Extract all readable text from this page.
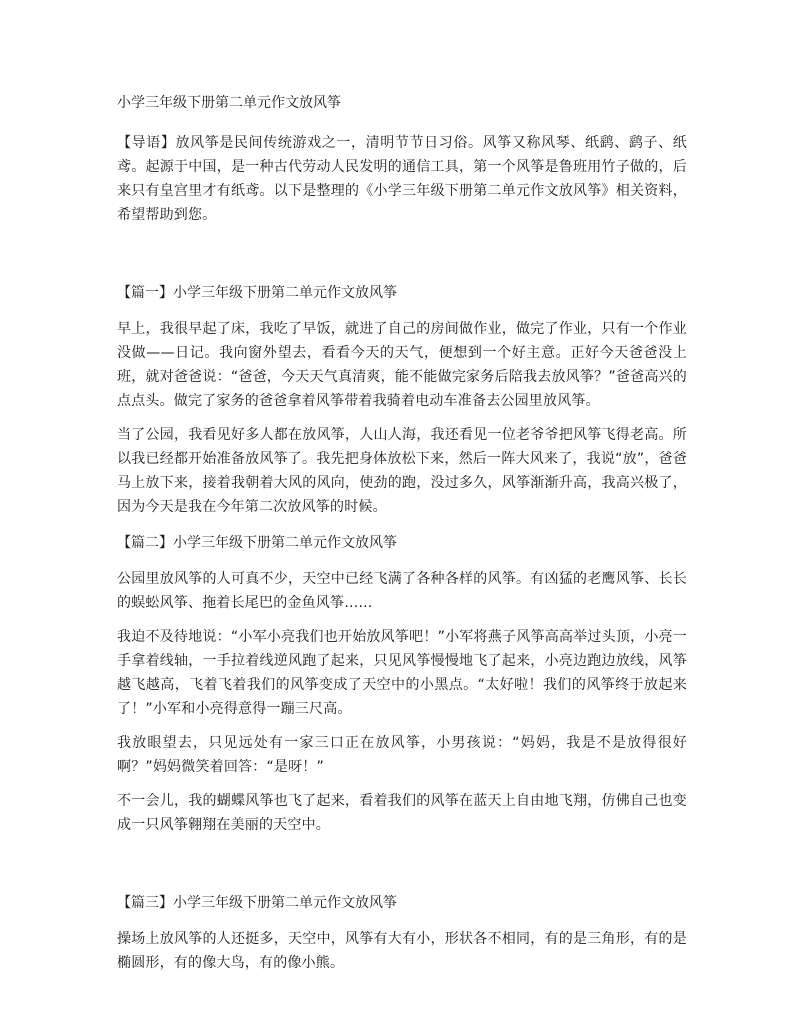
小学三年级下册第二单元作文放风筝

【导语】放风筝是民间传统游戏之一，清明节节日习俗。风筝又称风琴、纸鹞、鹞子、纸鸢。起源于中国，是一种古代劳动人民发明的通信工具，第一个风筝是鲁班用竹子做的，后来只有皇宫里才有纸鸢。以下是整理的《小学三年级下册第二单元作文放风筝》相关资料，希望帮助到您。

【篇一】小学三年级下册第二单元作文放风筝

早上，我很早起了床，我吃了早饭，就进了自己的房间做作业，做完了作业，只有一个作业没做——日记。我向窗外望去，看看今天的天气，便想到一个好主意。正好今天爸爸没上班，就对爸爸说：“爸爸，今天天气真清爽，能不能做完家务后陪我去放风筝？”爸爸高兴的点点头。做完了家务的爸爸拿着风筝带着我骑着电动车准备去公园里放风筝。

当了公园，我看见好多人都在放风筝，人山人海，我还看见一位老爷爷把风筝飞得老高。所以我已经都开始准备放风筝了。我先把身体放松下来，然后一阵大风来了，我说“放”，爸爸马上放下来，接着我朝着大风的风向，使劲的跑，没过多久，风筝渐渐升高，我高兴极了，因为今天是我在今年第二次放风筝的时候。

【篇二】小学三年级下册第二单元作文放风筝

公园里放风筝的人可真不少，天空中已经飞满了各种各样的风筝。有凶猛的老鹰风筝、长长的蜈蚣风筝、拖着长尾巴的金鱼风筝……

我迫不及待地说：“小军小亮我们也开始放风筝吧！”小军将燕子风筝高高举过头顶，小亮一手拿着线轴，一手拉着线逆风跑了起来，只见风筝慢慢地飞了起来，小亮边跑边放线，风筝越飞越高，飞着飞着我们的风筝变成了天空中的小黑点。“太好啦！我们的风筝终于放起来了！”小军和小亮得意得一蹦三尺高。

我放眼望去，只见远处有一家三口正在放风筝，小男孩说：“妈妈，我是不是放得很好啊？”妈妈微笑着回答：“是呀！”

不一会儿，我的蝴蝶风筝也飞了起来，看着我们的风筝在蓝天上自由地飞翔，仿佛自己也变成一只风筝翱翔在美丽的天空中。

【篇三】小学三年级下册第二单元作文放风筝

操场上放风筝的人还挺多，天空中，风筝有大有小，形状各不相同，有的是三角形，有的是椭圆形，有的像大鸟，有的像小熊。
